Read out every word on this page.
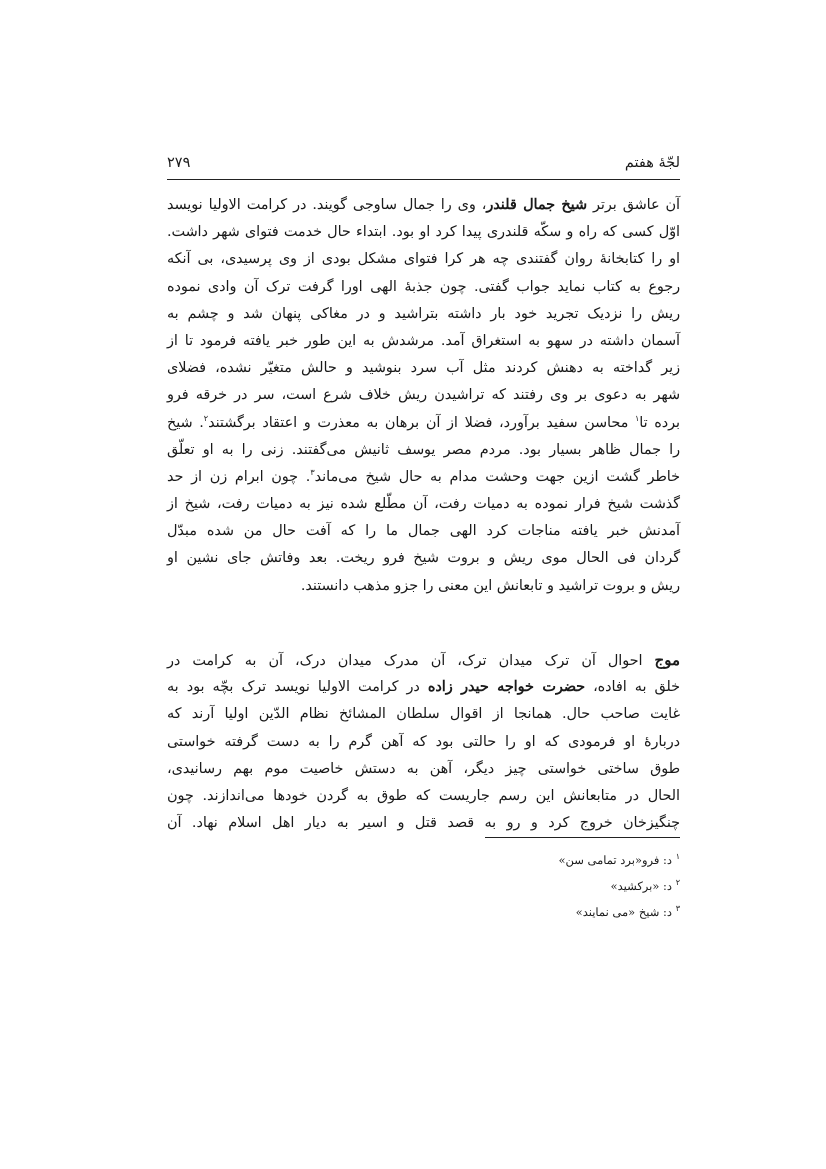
لجّهٔ هفتم
۲۷۹
آن عاشق برتر شیخ جمال قلندر، وی را جمال ساوجی گویند. در کرامت الاولیا نویسد
اوّل کسی که راه و سکّه قلندری پیدا کرد او بود. ابتداء حال خدمت فتوای شهر داشت.
او را کتابخانهٔ روان گفتندی چه هر کرا فتوای مشکل بودی از وی پرسیدی، بی آنکه
رجوع به کتاب نماید جواب گفتی. چون جذبهٔ الهی اورا گرفت ترک آن وادی نموده
ریش را نزدیک تجرید خود بار داشته بتراشید و در مغاکی پنهان شد و چشم به
آسمان داشته در سهو به استغراق آمد. مرشدش به این طور خبر یافته فرمود تا از
زیر گداخته به دهنش کردند مثل آب سرد بنوشید و حالش متغیّر نشده، فضلای
شهر به دعوی بر وی رفتند که تراشیدن ریش خلاف شرع است، سر در خرقه فرو
برده تا$^۱$ محاسن سفید برآورد، فضلا از آن برهان به معذرت و اعتقاد برگشتند$^۲$. شیخ
را جمال ظاهر بسیار بود. مردم مصر یوسف ثانیش می‌گفتند. زنی را به او تعلّق
خاطر گشت ازین جهت وحشت مدام به حال شیخ می‌ماند$^۳$. چون ابرام زن از حد
گذشت شیخ فرار نموده به دمیات رفت، آن مطّلع شده نیز به دمیات رفت، شیخ از
آمدنش خبر یافته مناجات کرد الهی جمال ما را که آفت حال من شده مبدّل
گردان فی الحال موی ریش و بروت شیخ فرو ریخت. بعد وفاتش جای نشین او
ریش و بروت تراشید و تابعانش این معنی را جزو مذهب دانستند.
موج احوال آن ترک میدان ترک، آن مدرک میدان درک، آن به کرامت در
خلق به افاده، حضرت خواجه حیدر زاده در کرامت الاولیا نویسد ترک بچّه بود به
غایت صاحب حال. همانجا از اقوال سلطان المشائخ نظام الدّین اولیا آرند که
دربارهٔ او فرمودی که او را حالتی بود که آهن گرم را به دست گرفته خواستی
طوق ساختی خواستی چیز دیگر، آهن به دستش خاصیت موم بهم رسانیدی،
الحال در متابعانش این رسم جاریست که طوق به گردن خودها می‌اندازند. چون
چنگیزخان خروج کرد و رو به قصد قتل و اسیر به دیار اهل اسلام نهاد. آن
$^۱$ د: فرو«برد تمامی سن»
$^۲$ د: «برکشید»
$^۳$ د: شیخ «می نمایند»
